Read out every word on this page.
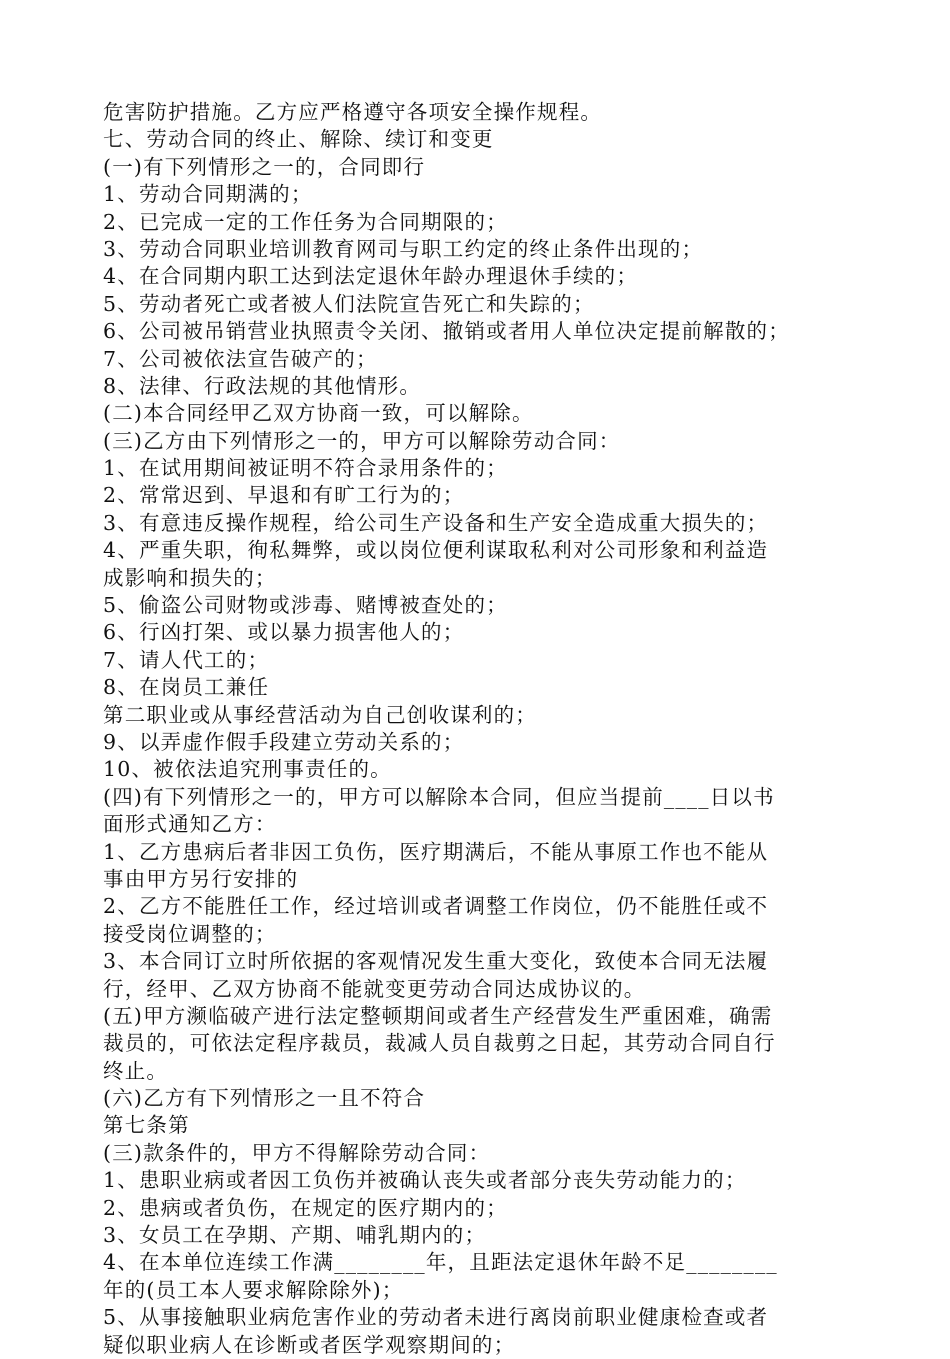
危害防护措施。乙方应严格遵守各项安全操作规程。
七、劳动合同的终止、解除、续订和变更
(一)有下列情形之一的，合同即行
1、劳动合同期满的；
2、已完成一定的工作任务为合同期限的；
3、劳动合同职业培训教育网司与职工约定的终止条件出现的；
4、在合同期内职工达到法定退休年龄办理退休手续的；
5、劳动者死亡或者被人们法院宣告死亡和失踪的；
6、公司被吊销营业执照责令关闭、撤销或者用人单位决定提前解散的；
7、公司被依法宣告破产的；
8、法律、行政法规的其他情形。
(二)本合同经甲乙双方协商一致，可以解除。
(三)乙方由下列情形之一的，甲方可以解除劳动合同：
1、在试用期间被证明不符合录用条件的；
2、常常迟到、早退和有旷工行为的；
3、有意违反操作规程，给公司生产设备和生产安全造成重大损失的；
4、严重失职，徇私舞弊，或以岗位便利谋取私利对公司形象和利益造
成影响和损失的；
5、偷盗公司财物或涉毒、赌博被查处的；
6、行凶打架、或以暴力损害他人的；
7、请人代工的；
8、在岗员工兼任
第二职业或从事经营活动为自己创收谋利的；
9、以弄虚作假手段建立劳动关系的；
10、被依法追究刑事责任的。
(四)有下列情形之一的，甲方可以解除本合同，但应当提前____日以书
面形式通知乙方：
1、乙方患病后者非因工负伤，医疗期满后，不能从事原工作也不能从
事由甲方另行安排的
2、乙方不能胜任工作，经过培训或者调整工作岗位，仍不能胜任或不
接受岗位调整的；
3、本合同订立时所依据的客观情况发生重大变化，致使本合同无法履
行，经甲、乙双方协商不能就变更劳动合同达成协议的。
(五)甲方濒临破产进行法定整顿期间或者生产经营发生严重困难，确需
裁员的，可依法定程序裁员，裁减人员自裁剪之日起，其劳动合同自行
终止。
(六)乙方有下列情形之一且不符合
第七条第
(三)款条件的，甲方不得解除劳动合同：
1、患职业病或者因工负伤并被确认丧失或者部分丧失劳动能力的；
2、患病或者负伤，在规定的医疗期内的；
3、女员工在孕期、产期、哺乳期内的；
4、在本单位连续工作满________年，且距法定退休年龄不足________
年的(员工本人要求解除除外)；
5、从事接触职业病危害作业的劳动者未进行离岗前职业健康检查或者
疑似职业病人在诊断或者医学观察期间的；
